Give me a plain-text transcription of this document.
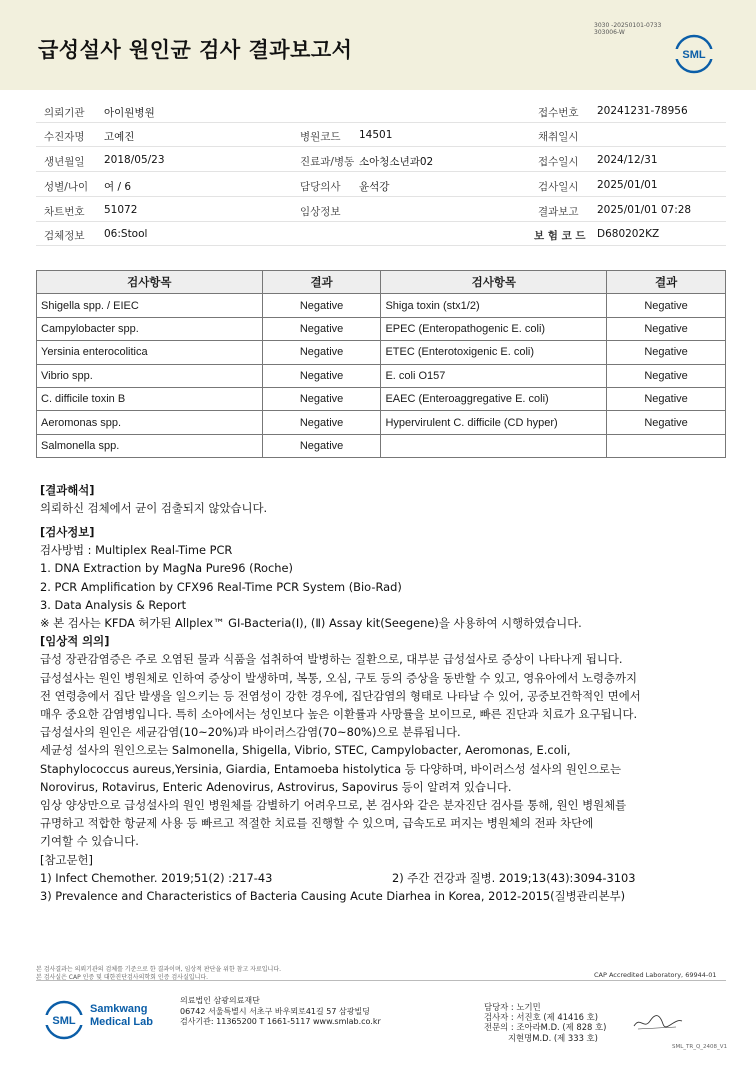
급성설사 원인균 검사 결과보고서
3030 -20250101-0733
303006-W
SML
의뢰기관 아이원병원	접수번호 20241231-78956
수진자명 고예진	병원코드 14501	채취일시
생년월일 2018/05/23	진료과/병동 소아청소년과02	접수일시 2024/12/31
성별/나이 여 / 6	담당의사 윤석강	검사일시 2025/01/01
차트번호 51072	임상정보	결과보고 2025/01/01 07:28
검체정보 06:Stool	보 험 코 드 D680202KZ
검사항목	결과	검사항목	결과
Shigella spp. / EIEC	Negative	Shiga toxin (stx1/2)	Negative
Campylobacter spp.	Negative	EPEC (Enteropathogenic E. coli)	Negative
Yersinia enterocolitica	Negative	ETEC (Enterotoxigenic E. coli)	Negative
Vibrio spp.	Negative	E. coli O157	Negative
C. difficile toxin B	Negative	EAEC (Enteroaggregative E. coli)	Negative
Aeromonas spp.	Negative	Hypervirulent C. difficile (CD hyper)	Negative
Salmonella spp.	Negative		
[결과해석]
의뢰하신 검체에서 균이 검출되지 않았습니다.
[검사정보]
검사방법 : Multiplex Real-Time PCR
1. DNA Extraction by MagNa Pure96 (Roche)
2. PCR Amplification by CFX96 Real-Time PCR System (Bio-Rad)
3. Data Analysis & Report
※ 본 검사는 KFDA 허가된 Allplex™ GI-Bacteria(Ⅰ), (Ⅱ) Assay kit(Seegene)을 사용하여 시행하였습니다.
[임상적 의의]
급성 장관감염증은 주로 오염된 물과 식품을 섭취하여 발병하는 질환으로, 대부분 급성설사로 증상이 나타나게 됩니다.
급성설사는 원인 병원체로 인하여 증상이 발생하며, 복통, 오심, 구토 등의 증상을 동반할 수 있고, 영유아에서 노령층까지
전 연령층에서 집단 발생을 일으키는 등 전염성이 강한 경우에, 집단감염의 형태로 나타날 수 있어, 공중보건학적인 면에서
매우 중요한 감염병입니다. 특히 소아에서는 성인보다 높은 이환률과 사망률을 보이므로, 빠른 진단과 치료가 요구됩니다.
급성설사의 원인은 세균감염(10~20%)과 바이러스감염(70~80%)으로 분류됩니다.
세균성 설사의 원인으로는 Salmonella, Shigella, Vibrio, STEC, Campylobacter, Aeromonas, E.coli,
Staphylococcus aureus,Yersinia, Giardia, Entamoeba histolytica 등 다양하며, 바이러스성 설사의 원인으로는
Norovirus, Rotavirus, Enteric Adenovirus, Astrovirus, Sapovirus 등이 알려져 있습니다.
임상 양상만으로 급성설사의 원인 병원체를 감별하기 어려우므로, 본 검사와 같은 분자진단 검사를 통해, 원인 병원체를
규명하고 적합한 항균제 사용 등 빠르고 적절한 치료를 진행할 수 있으며, 급속도로 퍼지는 병원체의 전파 차단에
기여할 수 있습니다.
[참고문헌]
1) Infect Chemother. 2019;51(2) :217-43	2) 주간 건강과 질병. 2019;13(43):3094-3103
3) Prevalence and Characteristics of Bacteria Causing Acute Diarhea in Korea, 2012-2015(질병관리본부)
본 검사결과는 의뢰기관의 검체를 기준으로 한 결과이며, 임상적 판단을 위한 참고 자료입니다.
본 검사실은 CAP 인증 및 대한진단검사의학회 인증 검사실입니다.	CAP Accredited Laboratory, 69944-01
SML
Samkwang
Medical Lab
의료법인 삼광의료재단
06742 서울특별시 서초구 바우뫼로41길 57 삼광빌딩
검사기관: 11365200 T 1661-5117 www.smlab.co.kr
담당자 : 노기민
검사자 : 서진호 (제 41416 호)
전문의 : 조아라M.D. (제 828 호)
지현명M.D. (제 333 호)
SML_TR_Q_2408_V1
